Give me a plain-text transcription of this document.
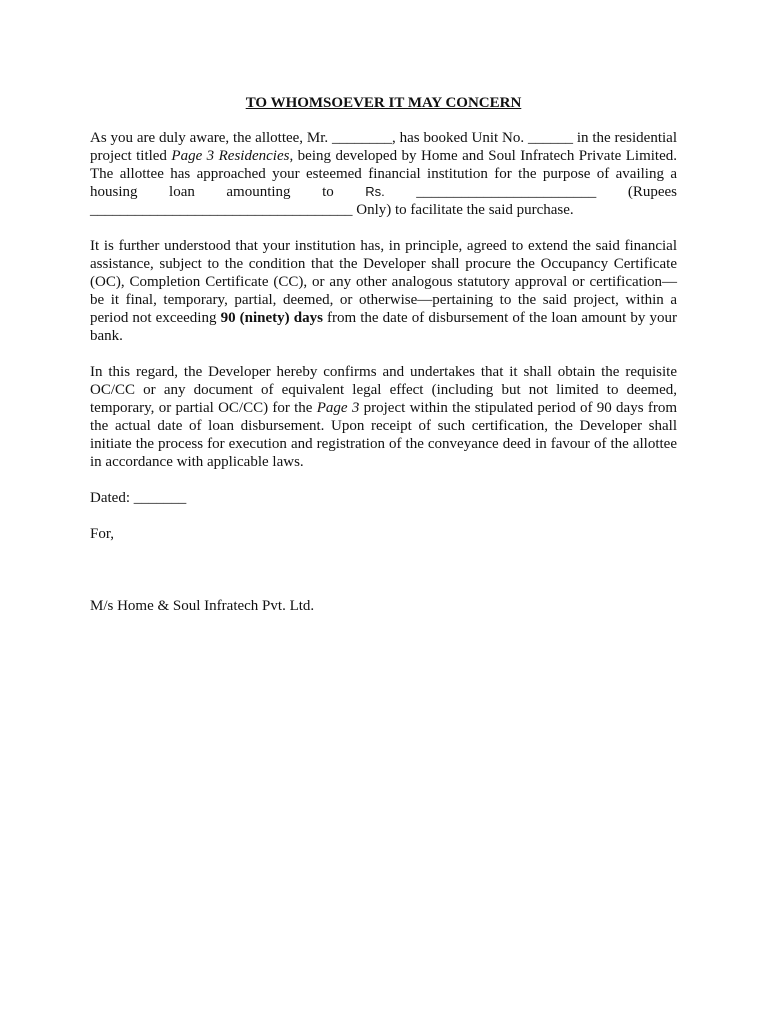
TO WHOMSOEVER IT MAY CONCERN

As you are duly aware, the allottee, Mr. ________, has booked Unit No. ______ in the residential project titled Page 3 Residencies, being developed by Home and Soul Infratech Private Limited. The allottee has approached your esteemed financial institution for the purpose of availing a housing loan amounting to Rs. ________________________ (Rupees ___________________________________ Only) to facilitate the said purchase.

It is further understood that your institution has, in principle, agreed to extend the said financial assistance, subject to the condition that the Developer shall procure the Occupancy Certificate (OC), Completion Certificate (CC), or any other analogous statutory approval or certification—be it final, temporary, partial, deemed, or otherwise—pertaining to the said project, within a period not exceeding 90 (ninety) days from the date of disbursement of the loan amount by your bank.

In this regard, the Developer hereby confirms and undertakes that it shall obtain the requisite OC/CC or any document of equivalent legal effect (including but not limited to deemed, temporary, or partial OC/CC) for the Page 3 project within the stipulated period of 90 days from the actual date of loan disbursement. Upon receipt of such certification, the Developer shall initiate the process for execution and registration of the conveyance deed in favour of the allottee in accordance with applicable laws.

Dated: _______

For,

M/s Home & Soul Infratech Pvt. Ltd.
